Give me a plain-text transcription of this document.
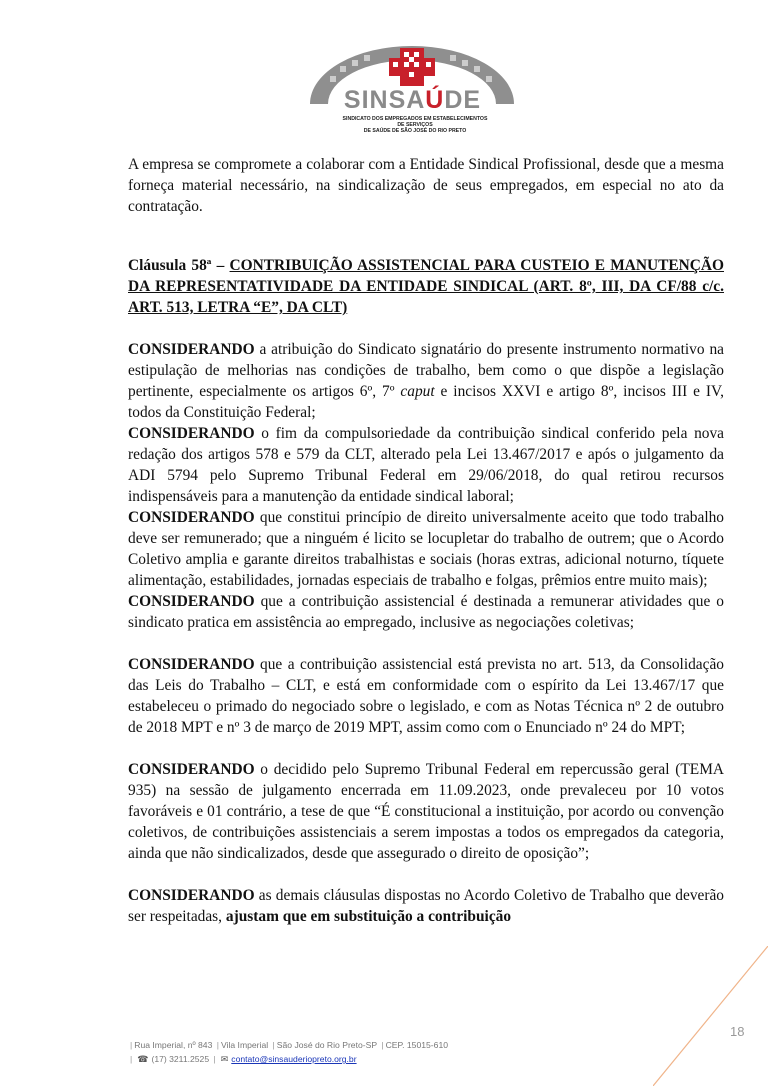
SINSAÚDE
SINDICATO DOS EMPREGADOS EM ESTABELECIMENTOS DE SERVIÇOS
DE SAÚDE DE SÃO JOSÉ DO RIO PRETO

A empresa se compromete a colaborar com a Entidade Sindical Profissional, desde que a mesma forneça material necessário, na sindicalização de seus empregados, em especial no ato da contratação.

Cláusula 58ª – CONTRIBUIÇÃO ASSISTENCIAL PARA CUSTEIO E MANUTENÇÃO DA REPRESENTATIVIDADE DA ENTIDADE SINDICAL (ART. 8º, III, DA CF/88 c/c. ART. 513, LETRA “E”, DA CLT)

CONSIDERANDO a atribuição do Sindicato signatário do presente instrumento normativo na estipulação de melhorias nas condições de trabalho, bem como o que dispõe a legislação pertinente, especialmente os artigos 6º, 7º caput e incisos XXVI e artigo 8º, incisos III e IV, todos da Constituição Federal;

CONSIDERANDO o fim da compulsoriedade da contribuição sindical conferido pela nova redação dos artigos 578 e 579 da CLT, alterado pela Lei 13.467/2017 e após o julgamento da ADI 5794 pelo Supremo Tribunal Federal em 29/06/2018, do qual retirou recursos indispensáveis para a manutenção da entidade sindical laboral;

CONSIDERANDO que constitui princípio de direito universalmente aceito que todo trabalho deve ser remunerado; que a ninguém é licito se locupletar do trabalho de outrem; que o Acordo Coletivo amplia e garante direitos trabalhistas e sociais (horas extras, adicional noturno, tíquete alimentação, estabilidades, jornadas especiais de trabalho e folgas, prêmios entre muito mais);

CONSIDERANDO que a contribuição assistencial é destinada a remunerar atividades que o sindicato pratica em assistência ao empregado, inclusive as negociações coletivas;

CONSIDERANDO que a contribuição assistencial está prevista no art. 513, da Consolidação das Leis do Trabalho – CLT, e está em conformidade com o espírito da Lei 13.467/17 que estabeleceu o primado do negociado sobre o legislado, e com as Notas Técnica nº 2 de outubro de 2018 MPT e nº 3 de março de 2019 MPT, assim como com o Enunciado nº 24 do MPT;

CONSIDERANDO o decidido pelo Supremo Tribunal Federal em repercussão geral (TEMA 935) na sessão de julgamento encerrada em 11.09.2023, onde prevaleceu por 10 votos favoráveis e 01 contrário, a tese de que “É constitucional a instituição, por acordo ou convenção coletivos, de contribuições assistenciais a serem impostas a todos os empregados da categoria, ainda que não sindicalizados, desde que assegurado o direito de oposição”;

CONSIDERANDO as demais cláusulas dispostas no Acordo Coletivo de Trabalho que deverão ser respeitadas, ajustam que em substituição a contribuição

18
| Rua Imperial, nº 843 | Vila Imperial | São José do Rio Preto-SP | CEP. 15015-610
| ☎ (17) 3211.2525 | ✉ contato@sinsauderiopreto.org.br
